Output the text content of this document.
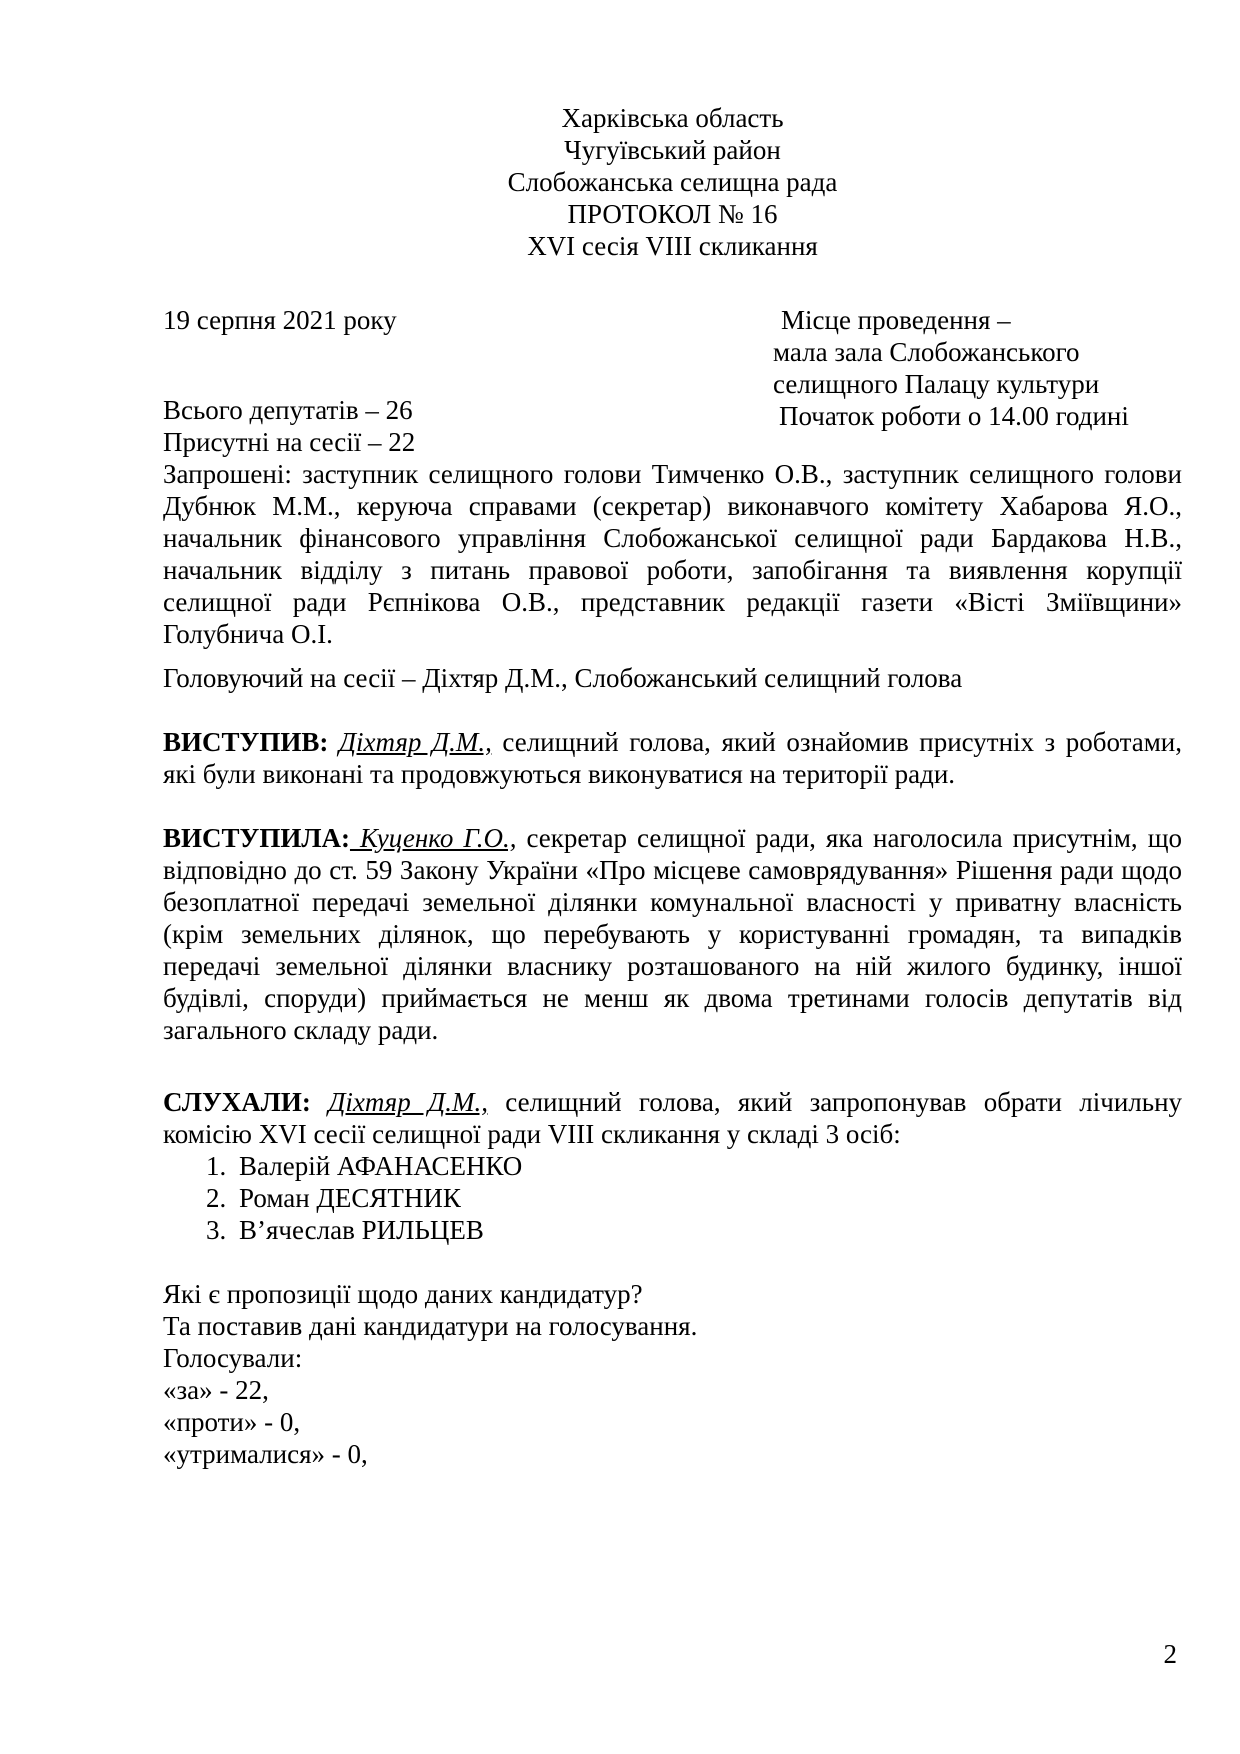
Харківська область
Чугуївський район
Слобожанська селищна рада
ПРОТОКОЛ № 16
XVI сесія VIII скликання
19 серпня 2021 року	Місце проведення –
мала зала Слобожанського
селищного Палацу культури
Початок роботи о 14.00 годині
Всього депутатів – 26
Присутні на сесії – 22
Запрошені: заступник селищного голови Тимченко О.В., заступник селищного голови Дубнюк М.М., керуюча справами (секретар) виконавчого комітету Хабарова Я.О., начальник фінансового управління Слобожанської селищної ради Бардакова Н.В., начальник відділу з питань правової роботи, запобігання та виявлення корупції селищної ради Рєпнікова О.В., представник редакції газети «Вісті Зміївщини» Голубнича О.І.
Головуючий на сесії – Діхтяр Д.М., Слобожанський селищний голова
ВИСТУПИВ: Діхтяр Д.М., селищний голова, який ознайомив присутніх з роботами, які були виконані та продовжуються виконуватися на території ради.
ВИСТУПИЛА: Куценко Г.О., секретар селищної ради, яка наголосила присутнім, що відповідно до ст. 59 Закону України «Про місцеве самоврядування» Рішення ради щодо безоплатної передачі земельної ділянки комунальної власності у приватну власність (крім земельних ділянок, що перебувають у користуванні громадян, та випадків передачі земельної ділянки власнику розташованого на ній жилого будинку, іншої будівлі, споруди) приймається не менш як двома третинами голосів депутатів від загального складу ради.
СЛУХАЛИ: Діхтяр Д.М., селищний голова, який запропонував обрати лічильну комісію XVI сесії селищної ради VIII скликання у складі 3 осіб:
1. Валерій АФАНАСЕНКО
2. Роман ДЕСЯТНИК
3. В’ячеслав РИЛЬЦЕВ
Які є пропозиції щодо даних кандидатур?
Та поставив дані кандидатури на голосування.
Голосували:
«за» - 22,
«проти» - 0,
«утрималися» - 0,
2
